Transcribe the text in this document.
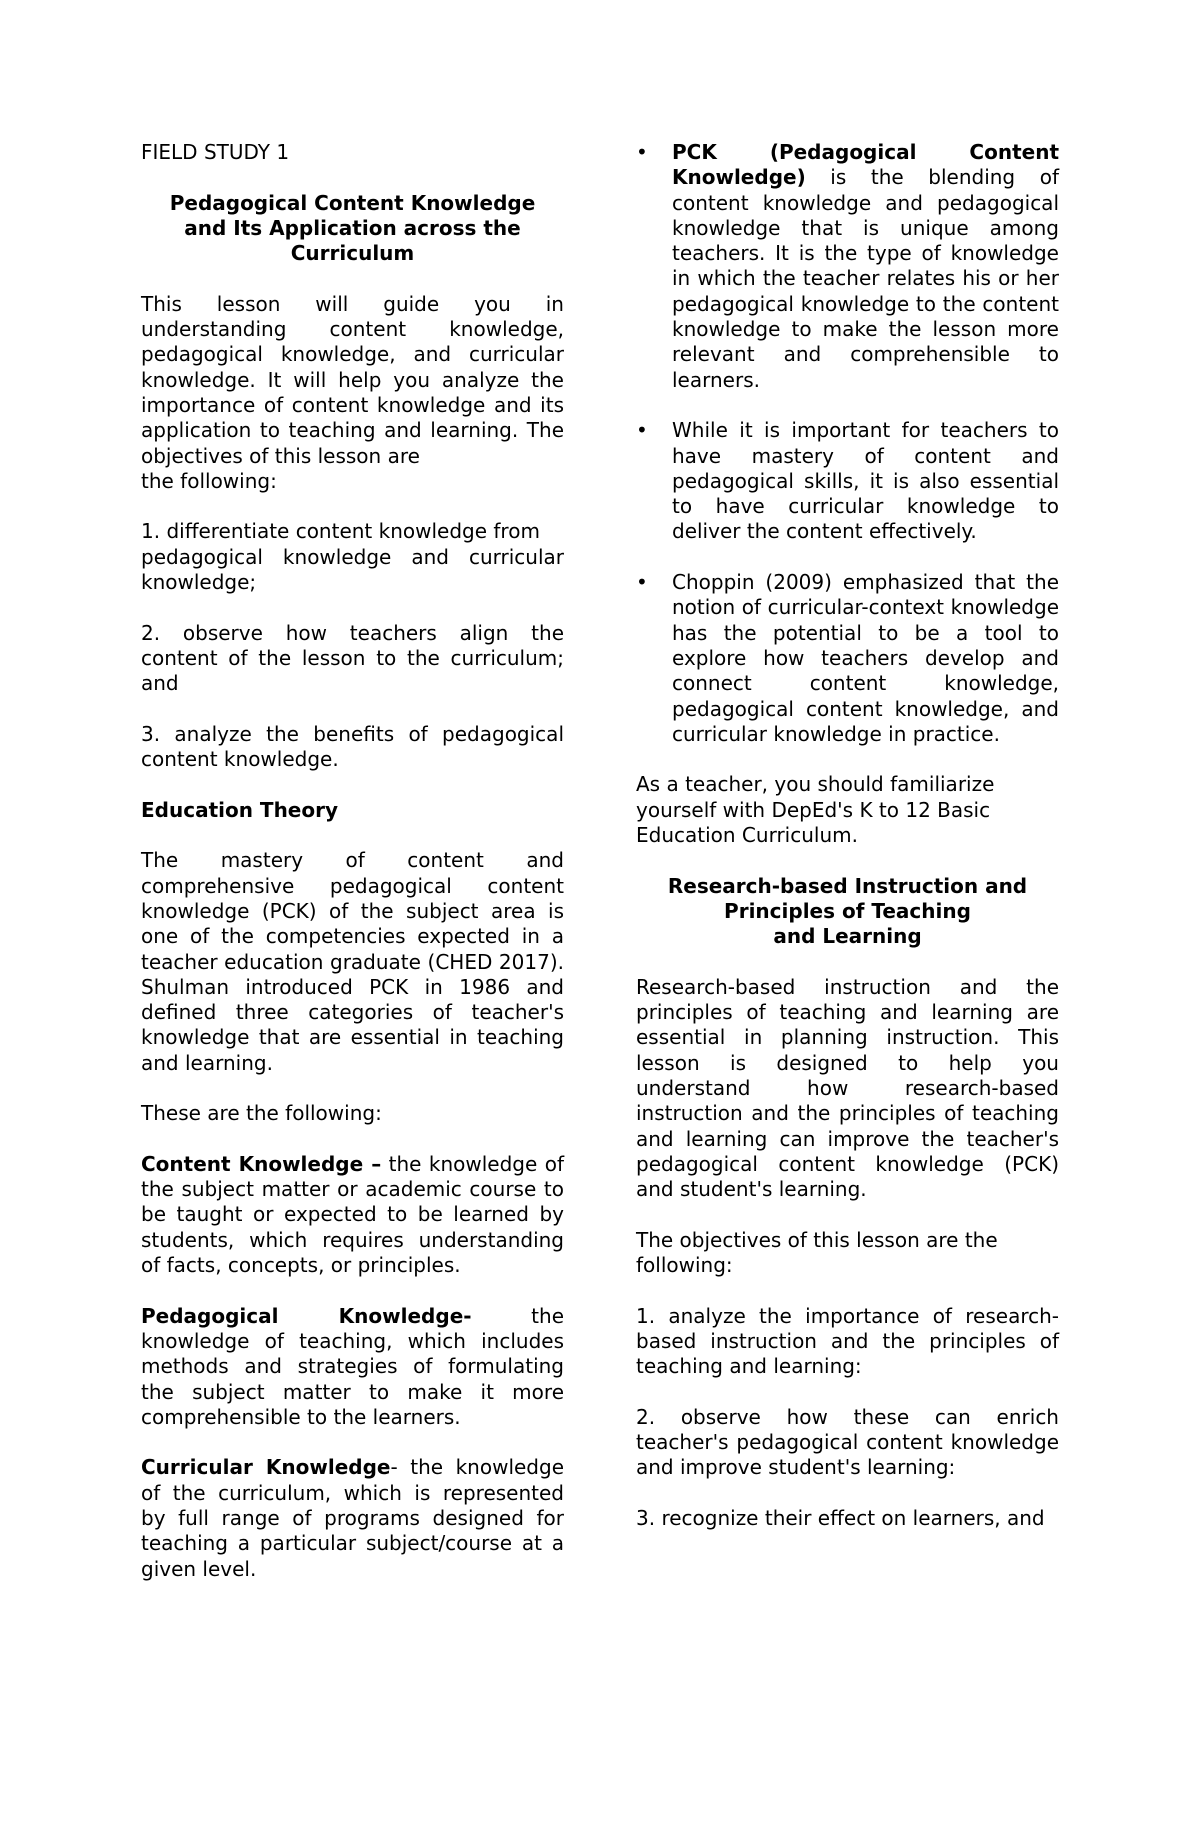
FIELD STUDY 1

Pedagogical Content Knowledge
and Its Application across the
Curriculum

This lesson will guide you in understanding content knowledge, pedagogical knowledge, and curricular knowledge. It will help you analyze the importance of content knowledge and its application to teaching and learning. The objectives of this lesson are
the following:

1. differentiate content knowledge from
pedagogical knowledge and curricular knowledge;

2. observe how teachers align the content of the lesson to the curriculum; and

3. analyze the benefits of pedagogical content knowledge.

Education Theory

The mastery of content and comprehensive pedagogical content knowledge (PCK) of the subject area is one of the competencies expected in a teacher education graduate (CHED 2017). Shulman introduced PCK in 1986 and defined three categories of teacher's knowledge that are essential in teaching and learning.

These are the following:

Content Knowledge – the knowledge of the subject matter or academic course to be taught or expected to be learned by students, which requires understanding of facts, concepts, or principles.

Pedagogical Knowledge- the knowledge of teaching, which includes methods and strategies of formulating the subject matter to make it more comprehensible to the learners.

Curricular Knowledge- the knowledge of the curriculum, which is represented by full range of programs designed for teaching a particular subject/course at a given level.

•	PCK (Pedagogical Content Knowledge) is the blending of content knowledge and pedagogical knowledge that is unique among teachers. It is the type of knowledge in which the teacher relates his or her pedagogical knowledge to the content knowledge to make the lesson more relevant and comprehensible to learners.
•	While it is important for teachers to have mastery of content and pedagogical skills, it is also essential to have curricular knowledge to deliver the content effectively.
•	Choppin (2009) emphasized that the notion of curricular-context knowledge has the potential to be a tool to explore how teachers develop and connect content knowledge, pedagogical content knowledge, and curricular knowledge in practice.

As a teacher, you should familiarize yourself with DepEd's K to 12 Basic Education Curriculum.

Research-based Instruction and
Principles of Teaching
and Learning

Research-based instruction and the principles of teaching and learning are essential in planning instruction. This lesson is designed to help you understand how research-based instruction and the principles of teaching and learning can improve the teacher's pedagogical content knowledge (PCK) and student's learning.

The objectives of this lesson are the following:

1. analyze the importance of research-based instruction and the principles of teaching and learning:

2. observe how these can enrich teacher's pedagogical content knowledge and improve student's learning:

3. recognize their effect on learners, and
